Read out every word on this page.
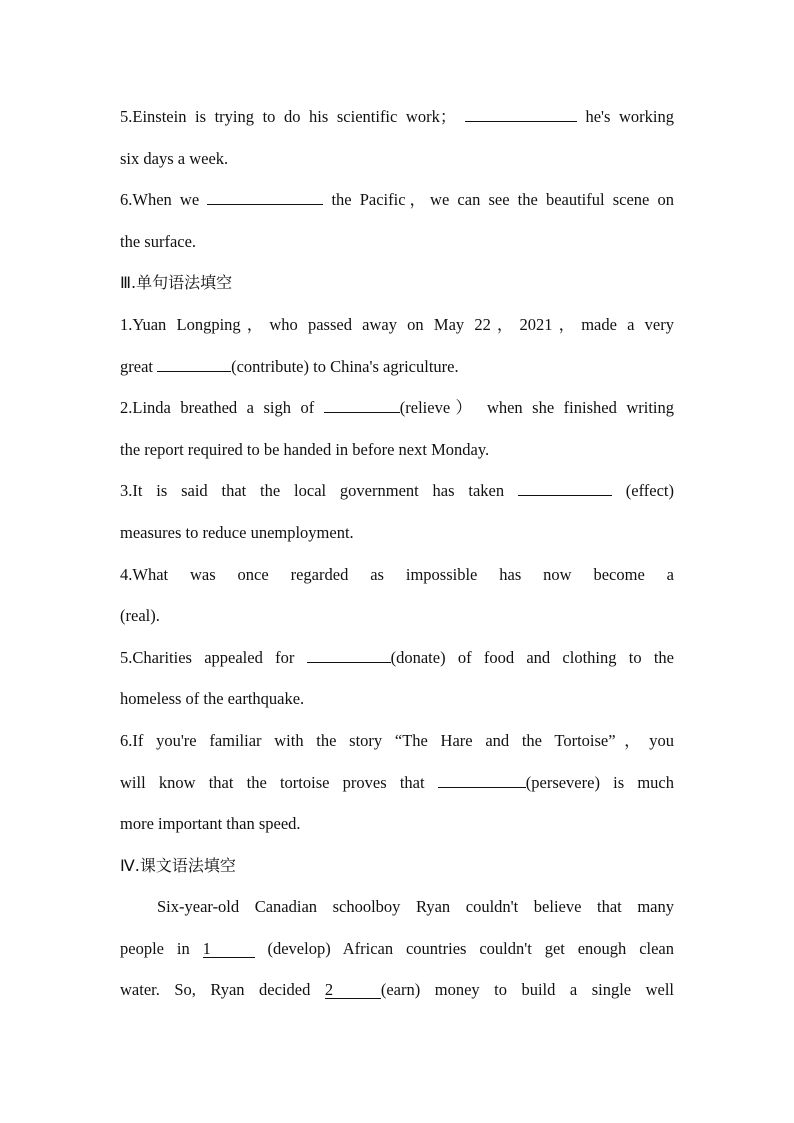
5.Einstein is trying to do his scientific work；	he's working
six days a week.
6.When we	the Pacific，we can see the beautiful scene on
the surface.
Ⅲ.单句语法填空
1.Yuan Longping，who passed away on May 22，2021，made a very
great	(contribute) to China's agriculture.
2.Linda breathed a sigh of	(relieve） when she finished writing
the report required to be handed in before next Monday.
3.It is said that the local government has taken	(effect)
measures to reduce unemployment.
4.What was once regarded as impossible has now become a
(real).
5.Charities appealed for	(donate) of food and clothing to the
homeless of the earthquake.
6.If you're familiar with the story “The Hare and the Tortoise”，you
will know that the tortoise proves that	(persevere) is much
more important than speed.
Ⅳ.课文语法填空
Six-year-old Canadian schoolboy Ryan couldn't believe that many
people in 1	(develop) African countries couldn't get enough clean
water. So, Ryan decided 2	(earn) money to build a single well
